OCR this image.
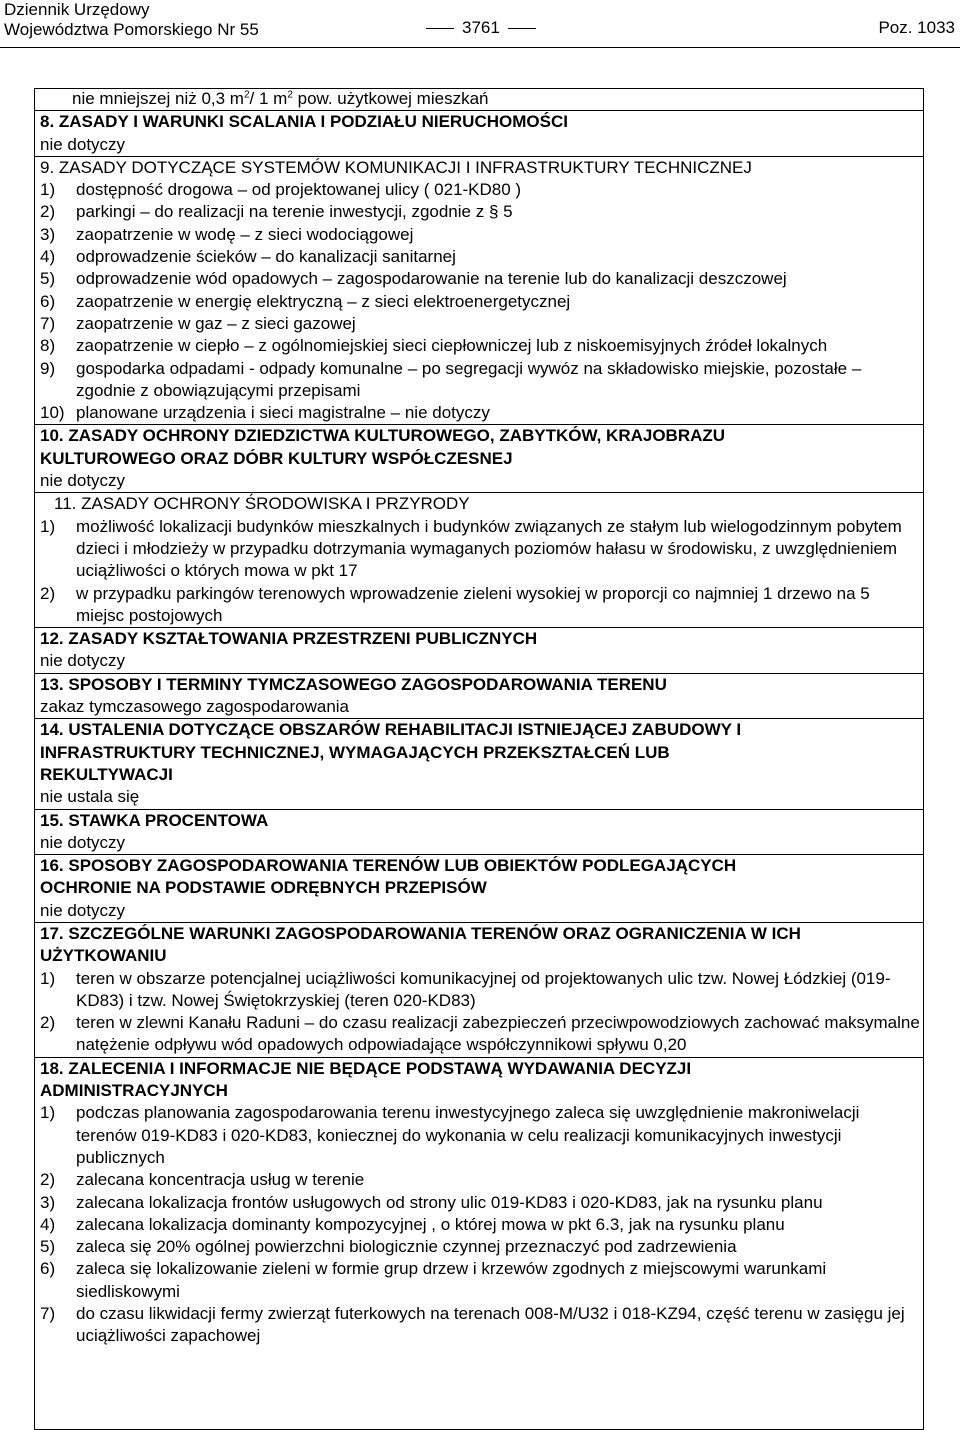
Dziennik Urzędowy
Województwa Pomorskiego Nr 55	3761	Poz. 1033
nie mniejszej niż 0,3 $m^2/$ 1 $m^2$ pow. użytkowej mieszkań
8. ZASADY I WARUNKI SCALANIA I PODZIAŁU NIERUCHOMOŚCI
nie dotyczy
9. ZASADY DOTYCZĄCE SYSTEMÓW KOMUNIKACJI I INFRASTRUKTURY TECHNICZNEJ
1)	dostępność drogowa – od projektowanej ulicy ( 021-KD80 )
2)	parkingi – do realizacji na terenie inwestycji, zgodnie z § 5
3)	zaopatrzenie w wodę – z sieci wodociągowej
4)	odprowadzenie ścieków – do kanalizacji sanitarnej
5)	odprowadzenie wód opadowych – zagospodarowanie na terenie lub do kanalizacji deszczowej
6)	zaopatrzenie w energię elektryczną – z sieci elektroenergetycznej
7)	zaopatrzenie w gaz – z sieci gazowej
8)	zaopatrzenie w ciepło – z ogólnomiejskiej sieci ciepłowniczej lub z niskoemisyjnych źródeł lokalnych
9)	gospodarka odpadami - odpady komunalne – po segregacji wywóz na składowisko miejskie, pozostałe – zgodnie z obowiązującymi przepisami
10) planowane urządzenia i sieci magistralne – nie dotyczy
10. ZASADY OCHRONY DZIEDZICTWA KULTUROWEGO, ZABYTKÓW, KRAJOBRAZU
KULTUROWEGO ORAZ DÓBR KULTURY WSPÓŁCZESNEJ
nie dotyczy
11. ZASADY OCHRONY ŚRODOWISKA I PRZYRODY
1)	możliwość lokalizacji budynków mieszkalnych i budynków związanych ze stałym lub wielogodzinnym pobytem dzieci i młodzieży w przypadku dotrzymania wymaganych poziomów hałasu w środowisku, z uwzględnieniem uciążliwości o których mowa w pkt 17
2)	w przypadku parkingów terenowych wprowadzenie zieleni wysokiej w proporcji co najmniej 1 drzewo na 5 miejsc postojowych
12. ZASADY KSZTAŁTOWANIA PRZESTRZENI PUBLICZNYCH
nie dotyczy
13. SPOSOBY I TERMINY TYMCZASOWEGO ZAGOSPODAROWANIA TERENU
zakaz tymczasowego zagospodarowania
14. USTALENIA DOTYCZĄCE OBSZARÓW REHABILITACJI ISTNIEJĄCEJ ZABUDOWY I
INFRASTRUKTURY TECHNICZNEJ, WYMAGAJĄCYCH PRZEKSZTAŁCEŃ LUB
REKULTYWACJI
nie ustala się
15. STAWKA PROCENTOWA
nie dotyczy
16. SPOSOBY ZAGOSPODAROWANIA TERENÓW LUB OBIEKTÓW PODLEGAJĄCYCH
OCHRONIE NA PODSTAWIE ODRĘBNYCH PRZEPISÓW
nie dotyczy
17. SZCZEGÓLNE WARUNKI ZAGOSPODAROWANIA TERENÓW ORAZ OGRANICZENIA W ICH
UŻYTKOWANIU
1)	teren w obszarze potencjalnej uciążliwości komunikacyjnej od projektowanych ulic tzw. Nowej Łódzkiej (019-KD83) i tzw. Nowej Świętokrzyskiej (teren 020-KD83)
2)	teren w zlewni Kanału Raduni – do czasu realizacji zabezpieczeń przeciwpowodziowych zachować maksymalne natężenie odpływu wód opadowych odpowiadające współczynnikowi spływu 0,20
18. ZALECENIA I INFORMACJE NIE BĘDĄCE PODSTAWĄ WYDAWANIA DECYZJI
ADMINISTRACYJNYCH
1)	podczas planowania zagospodarowania terenu inwestycyjnego zaleca się uwzględnienie makroniwelacji terenów 019-KD83 i 020-KD83, koniecznej do wykonania w celu realizacji komunikacyjnych inwestycji publicznych
2)	zalecana koncentracja usług w terenie
3)	zalecana lokalizacja frontów usługowych od strony ulic 019-KD83 i 020-KD83, jak na rysunku planu
4)	zalecana lokalizacja dominanty kompozycyjnej , o której mowa w pkt 6.3, jak na rysunku planu
5)	zaleca się 20% ogólnej powierzchni biologicznie czynnej przeznaczyć pod zadrzewienia
6)	zaleca się lokalizowanie zieleni w formie grup drzew i krzewów zgodnych z miejscowymi warunkami siedliskowymi
7)	do czasu likwidacji fermy zwierząt futerkowych na terenach 008-M/U32 i 018-KZ94, część terenu w zasięgu jej uciążliwości zapachowej
